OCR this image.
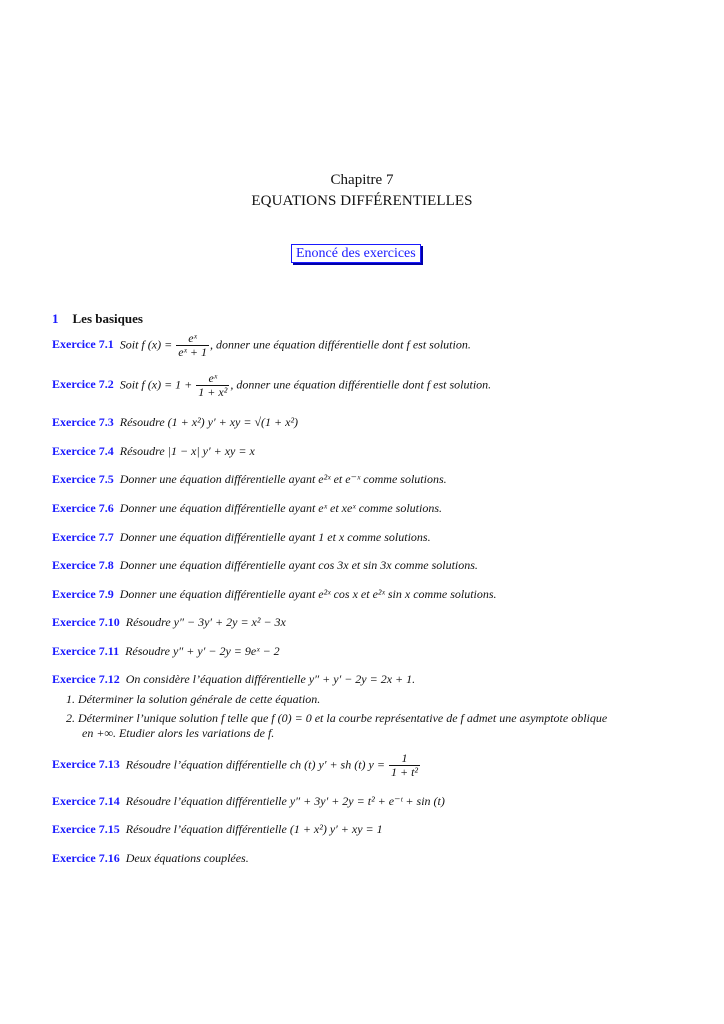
Chapitre 7
EQUATIONS DIFFÉRENTIELLES
Enoncé des exercices
1 Les basiques
Exercice 7.1 Soit f $(x) = \frac{\text{eˣ}}{\text{eˣ + 1}}$ , donner une équation différentielle dont f est solution.
Exercice 7.2 Soit f $(x) = 1 + \frac{\text{eˣ}}{\text{1 + x²}}$ , donner une équation différentielle dont f est solution.
Exercice 7.3 Résoudre (1 + x²) y′ + xy = √(1 + x²)
Exercice 7.4 Résoudre |1 − x| y′ + xy = x
Exercice 7.5 Donner une équation différentielle ayant e²ˣ et e⁻ˣ comme solutions.
Exercice 7.6 Donner une équation différentielle ayant eˣ et xeˣ comme solutions.
Exercice 7.7 Donner une équation différentielle ayant 1 et x comme solutions.
Exercice 7.8 Donner une équation différentielle ayant cos 3x et sin 3x comme solutions.
Exercice 7.9 Donner une équation différentielle ayant e²ˣ cos x et e²ˣ sin x comme solutions.
Exercice 7.10 Résoudre y″ − 3y′ + 2y = x² − 3x
Exercice 7.11 Résoudre y″ + y′ − 2y = 9eˣ − 2
Exercice 7.12 On considère l’équation différentielle y″ + y′ − 2y = 2x + 1.
1. Déterminer la solution générale de cette équation.
2. Déterminer l’unique solution f telle que f (0) = 0 et la courbe représentative de f admet une asymptote oblique
en +∞. Etudier alors les variations de f.
Exercice 7.13 Résoudre l’équation différentielle ch (t) y′ + sh (t) $y = \frac{1}{\text{1 + t²}}$
Exercice 7.14 Résoudre l’équation différentielle y″ + 3y′ + 2y = t² + e⁻ᵗ + sin (t)
Exercice 7.15 Résoudre l’équation différentielle (1 + x²) y′ + xy = 1
Exercice 7.16 Deux équations couplées.
